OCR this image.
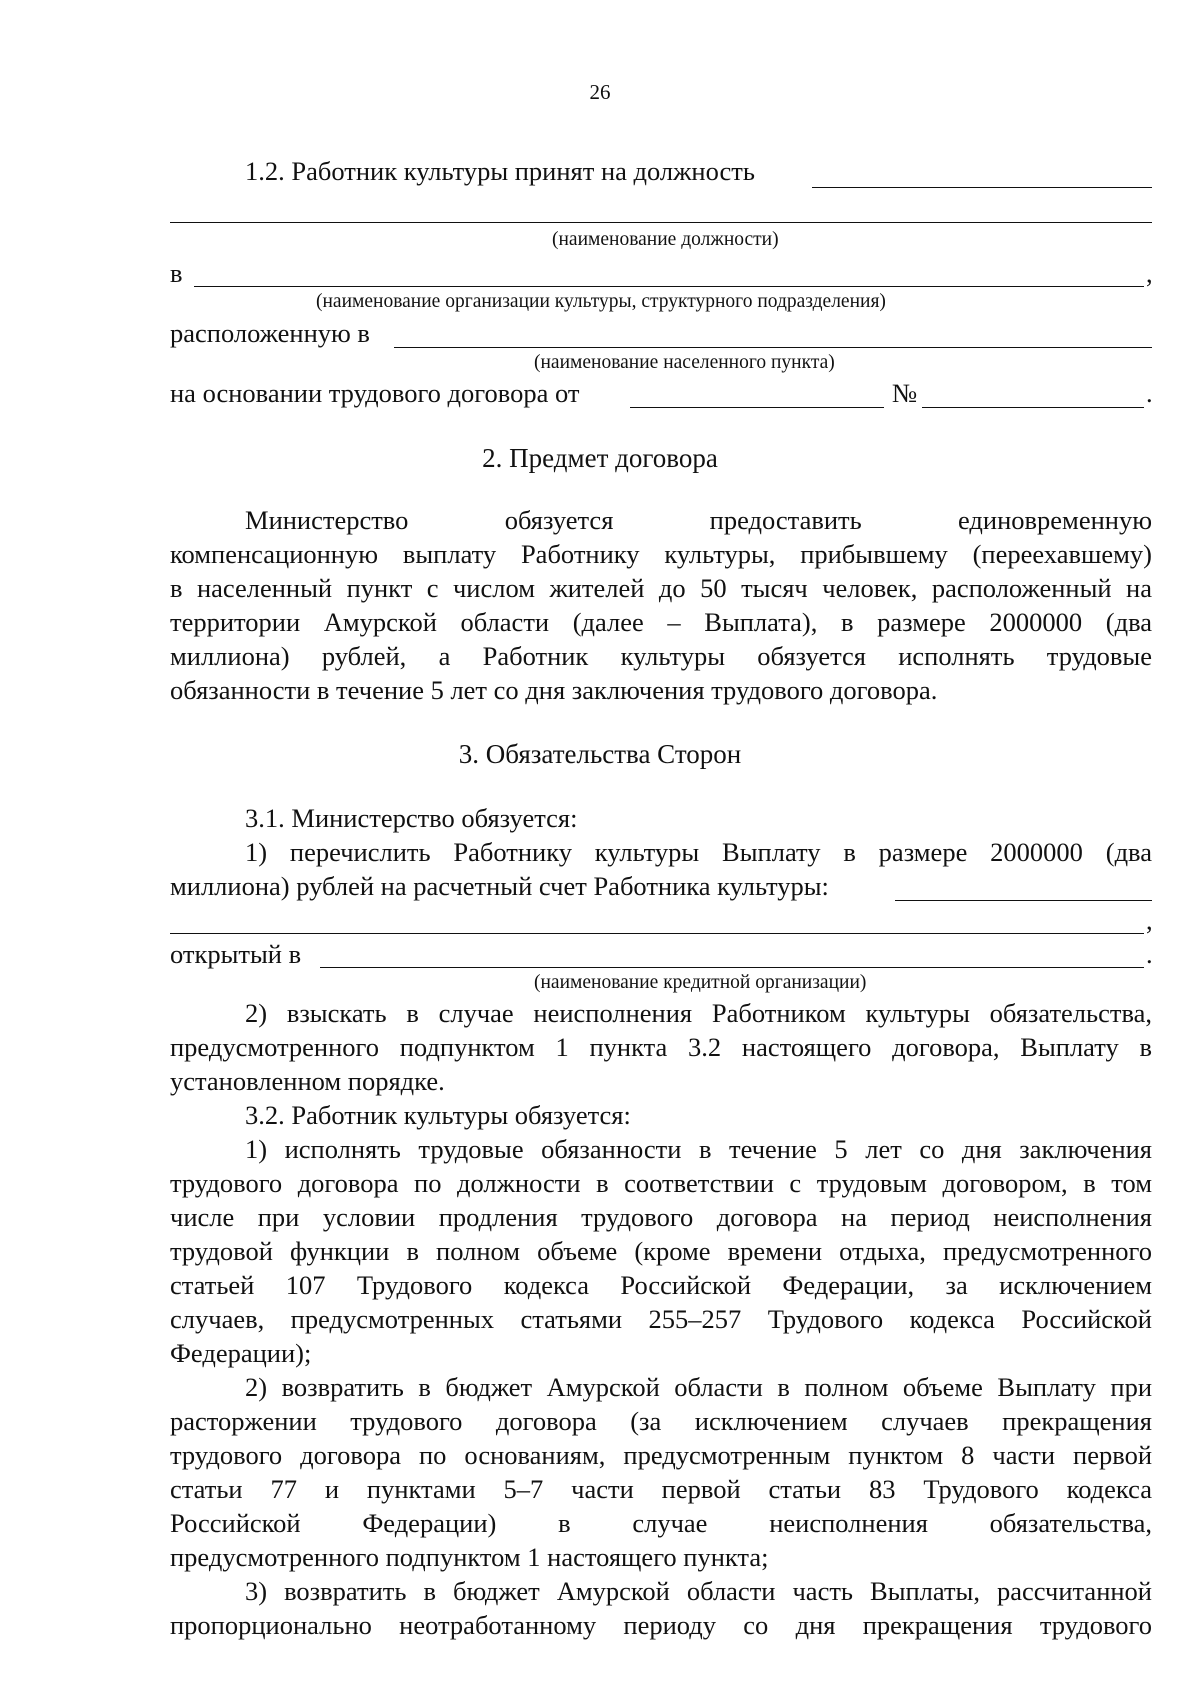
26
1.2. Работник культуры принят на должность
(наименование должности)
в	,
(наименование организации культуры, структурного подразделения)
расположенную в
(наименование населенного пункта)
на основании трудового договора от	№	.
2. Предмет договора
Министерство обязуется предоставить единовременную
компенсационную выплату Работнику культуры, прибывшему (переехавшему)
в населенный пункт с числом жителей до 50 тысяч человек, расположенный на
территории Амурской области (далее – Выплата), в размере 2000000 (два
миллиона) рублей, а Работник культуры обязуется исполнять трудовые
обязанности в течение 5 лет со дня заключения трудового договора.
3. Обязательства Сторон
3.1. Министерство обязуется:
1) перечислить Работнику культуры Выплату в размере 2000000 (два
миллиона) рублей на расчетный счет Работника культуры:
,
открытый в	.
(наименование кредитной организации)
2) взыскать в случае неисполнения Работником культуры обязательства,
предусмотренного подпунктом 1 пункта 3.2 настоящего договора, Выплату в
установленном порядке.
3.2. Работник культуры обязуется:
1) исполнять трудовые обязанности в течение 5 лет со дня заключения
трудового договора по должности в соответствии с трудовым договором, в том
числе при условии продления трудового договора на период неисполнения
трудовой функции в полном объеме (кроме времени отдыха, предусмотренного
статьей 107 Трудового кодекса Российской Федерации, за исключением
случаев, предусмотренных статьями 255–257 Трудового кодекса Российской
Федерации);
2) возвратить в бюджет Амурской области в полном объеме Выплату при
расторжении трудового договора (за исключением случаев прекращения
трудового договора по основаниям, предусмотренным пунктом 8 части первой
статьи 77 и пунктами 5–7 части первой статьи 83 Трудового кодекса
Российской Федерации) в случае неисполнения обязательства,
предусмотренного подпунктом 1 настоящего пункта;
3) возвратить в бюджет Амурской области часть Выплаты, рассчитанной
пропорционально неотработанному периоду со дня прекращения трудового
